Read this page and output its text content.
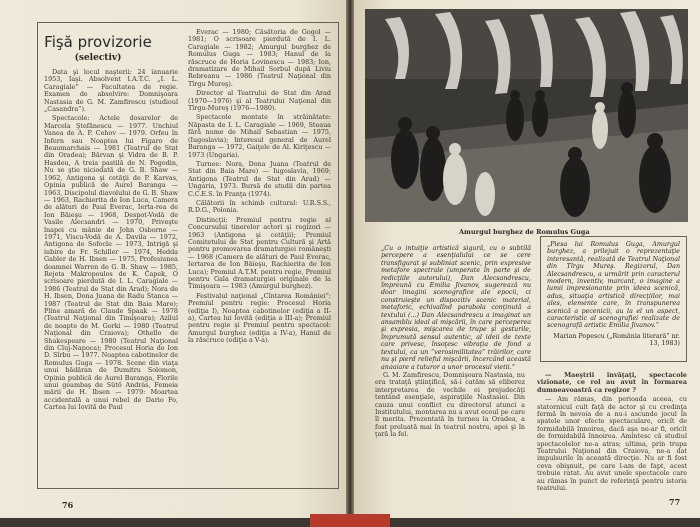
Fişă provizorie
(selectiv)

Data şi locul naşterii: 24 ianuarie 1953, Iaşi. Absolvent I.A.T.C. „I. L. Caragiale” — Facultatea de regie. Examen de absolvire: Domnişoara Nastasia de G. M. Zamfirescu (studioul „Casandra”).

Spectacole: Actele dosarelor de Marcela Ştefănescu — 1977. Unchiul Vanea de A. P. Cehov — 1979. Orfeu în Infern sau Noaptea lui Figaro de Beaumarchais — 1981 (Teatrul de Stat din Oradea); Bărvan şi Vidra de B. P. Hasdeu, A treia pastilă de N. Pogodin, Nu se ştie niciodată de G. B. Shaw — 1962, Antigona şi cetăţii de P. Karvas, Opinia publică de Aurel Baranga — 1963, Discipolul diavolului de G. B. Shaw — 1963, Rachierita de Ion Luca, Camera de alături de Paul Everac, Ierta-rea de Ion Băieşu — 1968, Despot-Vodă de Vasile Alecsandri — 1970, Priveşte înapoi cu mânie de John Osborne — 1971, Viscu-Vodă de A. Davila — 1972, Antigona de Sofocle — 1973, Intrigă şi iubire de Fr. Schiller — 1974, Hedda Gabler de H. Ibsen — 1975, Profesiunea doamnei Warren de G. B. Shaw — 1985, Rejeta Makropoulos de K. Čapek, O scrisoare pierdută de I. L. Caragiale — 1986 (Teatrul de Stat din Arad); Nora de H. Ibsen, Dona Juana de Radu Stanca — 1987 (Teatrul de Stat din Baia Mare); Pline amară de Claude Spaak — 1978 (Teatrul Naţional din Timişoara); Azilul de noapte de M. Gorki — 1980 (Teatrul Naţional din Craiova); Othello de Shakespeare — 1980 (Teatrul Naţional din Cluj-Napoca); Procesul Horia de Ion D. Sîrbu — 1977. Noaptea cabotinelor de Romulus Guga — 1978. Scene din viaţa unui bădăran de Dumitru Solomon, Opinia publică de Aurel Baranga, Florile unui geambaş de Sütő András, Femeia mării de H. Ibsen — 1979: Moartea accidentală a unui rebel de Dario Fo, Cartea lui Iovită de Paul

Everac — 1980; Căsătoria de Gogol — 1981; O scrisoare pierdută de I. L. Caragiale — 1982; Amurgul burghez de Romulus Guga — 1983; Hanul de la răscruce de Horia Lovinescu — 1983; Ion, dramatizare de Mihail Sorbul după Liviu Rebreanu — 1986 (Teatrul Naţional din Tîrgu Mureş).

Director al Teatrului de Stat din Arad (1970—1976) şi al Teatrului Naţional din Tîrgu-Mureş (1976—1980).

Spectacole montate în străinătate: Năpasta de I. L. Caragiale — 1969, Steaua fără nume de Mihail Sebastian — 1975, (Iugoslavia); Interesul general de Aurel Baranga — 1972, Gaiţele de Al. Kiriţescu — 1973 (Ungaria).

Turnee: Nora, Dona Juana (Teatrul de Stat din Baia Mare) — Iugoslavia, 1969; Antigona (Teatrul de Stat din Arad) — Ungaria, 1973. Bursă de studii din partea C.C.E.S. în Franţa (1974).

Călătorii în schimb cultural: U.R.S.S., R.D.G., Polonia.

Distincţii: Premiul pentru regie al Concursului tinerelor actori şi regizori — 1963 (Antigona şi cetăţii); Premiul Comitetului de Stat pentru Cultură şi Artă pentru promovarea dramaturgiei româneşti — 1968 (Camera de alături de Paul Everac, Iertarea de Ion Băieşu, Rachierita de Ion Luca); Premiul A.T.M. pentru regie, Premiul pentru Gala dramaturgiei originale de la Timişoara — 1983 (Amurgul burghez).

Festivalul naţional „Cîntarea României”: Premiul pentru regie: Procesul Horia (ediţia I), Noaptea cabotinelor (ediţia a II-a), Cartea lui Iovită (ediţia a III-a); Premiul pentru regie şi Premiul pentru spectacol: Amurgul burghez (ediţia a IV-a), Hanul de la răscruce (ediţia a V-a).

76
Amurgul burghez de Romulus Guga
„Cu o intuiţie artistică sigură, cu o subtilă percepere a esenţialului ce se cere transfigurat şi subliniat scenic, prin expresive metafore spectrale (umperate în parte şi de redicţiile autorului), Dan Alecsandrescu, împreună cu Emilia Jivanov, sugerează nu doar imagini scenografice ale epocii, ci construieşte un dispozitiv scenic material, metaforic, echivalînd parabola conţinută a textului (...) Dan Alecsandrescu a imaginat un ansamblu ideal al mişcării, în care perceperea şi expresia, mişcarea de trupe şi gesturile, împrumută sensul autentic, al ideii de texte care privesc, însoţesc vibraţia de fond a textului, ca un “verosimilitatea” trăirilor, care nu şi pierd relieful mişcării, încercând această angajare a tuturor a unor procesul vieţii.”
„Piesa lui Romulus Guga, Amurgul burghez, a prilejuit o reprezentaţie interesantă, realizată de Teatrul Naţional din Tîrgu Mureş. Regizorul, Dan Alecsandrescu, a urmărit prin caracterul modern, inventiv, marcant, o imagine a lumii impresionante prin ideea scenică, adus, situaţia artistică direcţiilor, mai ales, elemente care, în transpunerea scenică a pecenicii, au la el un aspect, caracteristic al scenografiei realizate de scenografă artistic Emilia Jivanov.”
Marian Popescu („România literară” nr. 13, 1983)

G. M. Zamfirescu, Domnişoara Nastasia, nu era trataţă ştiinţifică, să-i catăm să eliberez interpretarea de vechile ei prejudecăţi tentând esenţiale, aspiraţiile Nastasiei. Din cauza unui conflict cu directorul atunci a Institutului, montarea nu a avut ecoul pe care îl merita. Prezentată în turneu la Oradea, a fost preluată mai în teatrul nostru, apoi şi în ţară la fel.

— Maeştrii învăţaţi, spectacole vizionate, ce rol au avut în formarea dumneavoastră ca regizor ?

— Am rămas, din perioada aceea, cu statornicul cult faţă de actor şi cu credinţa fermă în nevoia de a nu-i ascunde jocul în spatele unor efecte spectaculare, oricît de formidabilă înnoirea, dacă aşa ne-ar fi, oricît de formidabilă înnoirea. Amintesc că studiul spectacolelor ne-a atras; ultima, prin trupa Teatrului Naţional din Craiova, ne-a dat impulsurile în această direcţie. Nu ar fi fost ceva obişnuit, pe care l-am de fapt, acest trebuie ratat. Au avut unele spectacole care au rămas în punct de referinţă pentru istoria teatrului.

77
